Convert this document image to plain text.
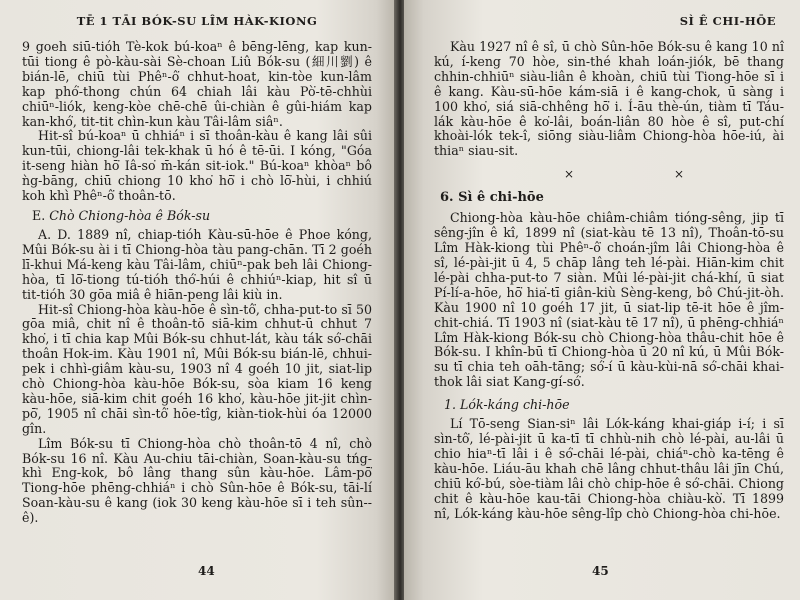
TĒ 1 TĀI BÓK-SU LÎM HÀK-KIONG

9 goeh siū-tióh Tè-kok bú-koaⁿ ê bēng-lēng, kap kun-tūi tiong ê pò-kàu-sài Sè-choan Liû Bók-su (細川劉) ê bián-lē, chiū tùi Phêⁿ-ô͘ chhut-hoat, kin-tòe kun-lâm kap phó͘-thong chún 64 chiah lâi kàu Pò͘-tē-chhùi chiūⁿ-liók, keng-kòe chē-chē ûi-chiàn ê gûi-hiám kap kan-khó͘, tit-tit chìn-kun kàu Tâi-lâm siâⁿ.

Hit-sî bú-koaⁿ ū chhiáⁿ i sī thoân-kàu ê kang lâi sûi kun-tūi, chiong-lâi tek-khak ū hó ê tē-ūi. I kóng, "Góa it-seng hiàn hō͘ Iâ-so͘ m̄-kán sit-iok." Bú-koaⁿ khòaⁿ bô ǹg-bāng, chiū chiong 10 kho͘ hō͘ i chò lō͘-hùi, i chhiú koh khì Phêⁿ-ô͘ thoân-tō.

E. Chò Chiong-hòa ê Bók-su

A. D. 1889 nî, chiap-tióh Kàu-sū-hōe ê Phoe kóng, Mûi Bók-su ài i tī Chiong-hòa tàu pang-chān. Tī 2 goéh lī-khui Má-keng kàu Tâi-lâm, chiūⁿ-pak beh lâi Chiong-hòa, tī lō͘-tiong tú-tióh thó͘-húi ê chhiúⁿ-kiap, hit sî ū tit-tióh 30 gōa miâ ê hiān-peng lâi kiù in.

Hit-sî Chiong-hòa kàu-hōe ê sìn-tô͘, chha-put-to sī 50 gōa miâ, chit nî ê thoân-tō siā-kim chhut-ū chhut 7 kho͘, i tī chia kap Mûi Bók-su chhut-lát, kàu ták só͘-chāi thoân Hok-im. Kàu 1901 nî, Mûi Bók-su bián-lē, chhui-pek i chhì-giâm kàu-su, 1903 nî 4 goéh 10 jit, siat-lip chò Chiong-hòa kàu-hōe Bók-su, sòa kiam 16 keng kàu-hōe, siā-kim chit goéh 16 kho͘, kàu-hōe jit-jit chìn-pō͘, 1905 nî chāi sìn-tô͘ hōe-tîg, kiàn-tiok-hùi óa 12000 gîn.

Lîm Bók-su tī Chiong-hòa chò thoân-tō 4 nî, chò Bók-su 16 nî. Kàu Au-chiu tāi-chiàn, Soan-kàu-su tńg-khì Eng-kok, bô lâng thang sûn kàu-hōe. Lâm-pō͘ Tiong-hōe phēng-chhiáⁿ i chò Sûn-hōe ê Bók-su, tāi-lí Soan-kàu-su ê kang (iok 30 keng kàu-hōe sī i teh sûn--ê).

44
SÌ Ê CHI-HŌE

Kàu 1927 nî ê sî, ū chò Sûn-hōe Bók-su ê kang 10 nî kú, í-keng 70 hòe, sin-thé khah loán-jiók, bē thang chhin-chhiūⁿ siàu-liân ê khoàn, chiū tùi Tiong-hōe sī i ê kang. Kàu-sū-hōe kám-siā i ê kang-chok, ū sàng i 100 kho͘, siá siā-chhêng hō͘ i. Í-āu thè-ún, tiàm tī Táu-lák kàu-hōe ê ko͘-lâi, boán-liân 80 hòe ê sî, put-chí khoài-lók tek-î, siōng siàu-liâm Chiong-hòa hōe-iú, ài thiaⁿ siau-sit.

×	×
6. Sì ê chi-hōe

Chiong-hòa kàu-hōe chiâm-chiâm tióng-sêng, jip tī sêng-jîn ê kî, 1899 nî (siat-kàu tē 13 nî), Thoân-tō-su Lîm Hàk-kiong tùi Phêⁿ-ô͘ choán-jîm lâi Chiong-hòa ê sî, lé-pài-jit ū 4, 5 chāp lâng teh lé-pài. Hiān-kim chit lé-pài chha-put-to 7 siàn. Mûi lé-pài-jit chá-khí, ū siat Pí-lí-a-hōe, hō͘ hia͘-tī giân-kiù Sèng-keng, bô Chú-jit-òh. Kàu 1900 nî 10 goéh 17 jit, ū siat-lip tē-it hōe ê jîm-chit-chiá. Tī 1903 nî (siat-kàu tē 17 nî), ū phēng-chhiáⁿ Lîm Hàk-kiong Bók-su chò Chiong-hòa thâu-chit hōe ê Bók-su. I khîn-bū tī Chiong-hòa ū 20 nî kú, ū Mûi Bók-su tī chia teh oāh-tāng; só͘-í ū kàu-kùi-nā só͘-chāi khai-thok lâi siat Kang-gí-só͘.

1. Lók-káng chi-hōe

Lí Tō-seng Sian-siⁿ lâi Lók-káng khai-giáp i-í; i sī sìn-tô͘, lé-pài-jit ū ka-tī tī chhù-nih chò lé-pài, au-lâi ū chio hiaⁿ-tī lâi i ê só͘-chāi lé-pài, chiáⁿ-chò ka-tēng ê kàu-hōe. Liáu-āu khah chē lâng chhut-thâu lâi jīn Chú, chiū kó͘-bú, sòe-tiàm lâi chò chip-hōe ê só͘-chāi. Chiong chit ê kàu-hōe kau-tāi Chiong-hòa chiàu-kò͘. Tī 1899 nî, Lók-káng kàu-hōe sêng-lîp chò Chiong-hòa chi-hōe.

45
